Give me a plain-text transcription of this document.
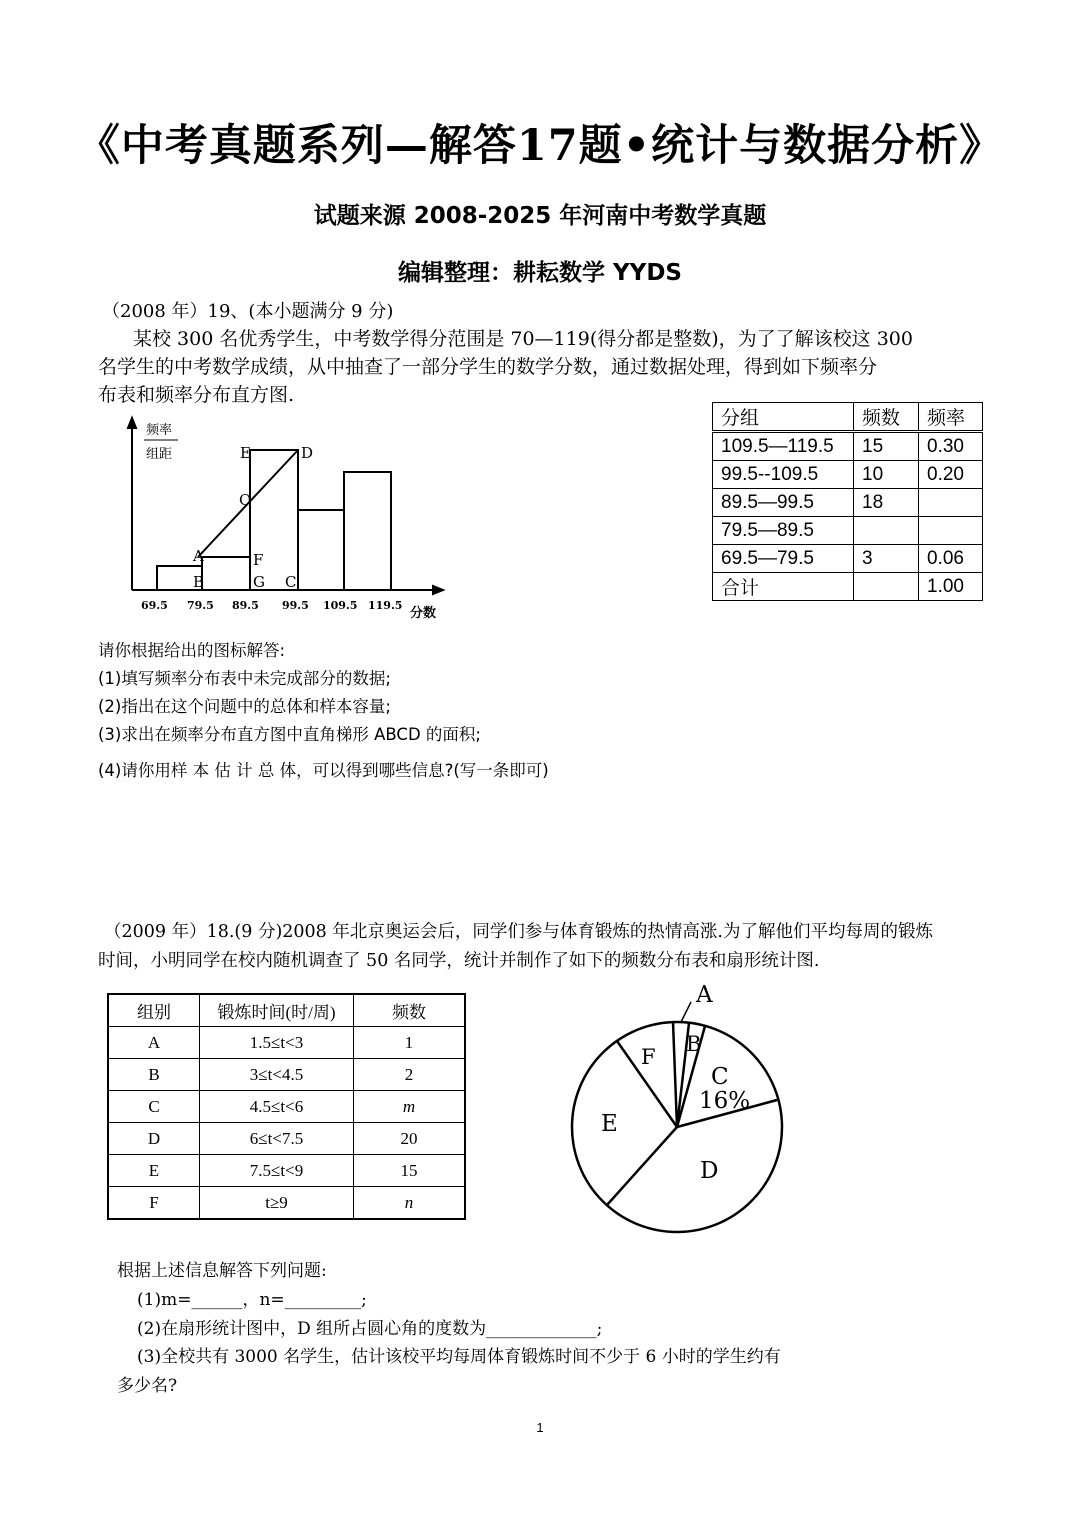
《中考真题系列—解答17题•统计与数据分析》
试题来源 2008-2025 年河南中考数学真题
编辑整理：耕耘数学 YYDS
（2008 年）19、(本小题满分 9 分)
某校 300 名优秀学生，中考数学得分范围是 70—119(得分都是整数)，为了了解该校这 300
名学生的中考数学成绩，从中抽查了一部分学生的数学分数，通过数据处理，得到如下频率分
布表和频率分布直方图.
分组	频数	频率
109.5—119.5	15	0.30
99.5--109.5	10	0.20
89.5—99.5	18	
79.5—89.5		
69.5—79.5	3	0.06
合计		1.00
频率
组距
A
B	C
D
E
F
G
O
69.5 79.5 89.5 99.5 109.5 119.5
分数
请你根据给出的图标解答:
(1)填写频率分布表中未完成部分的数据;
(2)指出在这个问题中的总体和样本容量;
(3)求出在频率分布直方图中直角梯形 ABCD 的面积;
(4)请你用样 本 估 计 总 体，可以得到哪些信息?(写一条即可)
（2009 年）18.(9 分)2008 年北京奥运会后，同学们参与体育锻炼的热情高涨.为了解他们平均每周的锻炼
时间，小明同学在校内随机调查了 50 名同学，统计并制作了如下的频数分布表和扇形统计图.
组别	锻炼时间(时/周)	频数
A	1.5≤t<3	1
B	3≤t<4.5	2
C	4.5≤t<6	m
D	6≤t<7.5	20
E	7.5≤t<9	15
F	t≥9	n
A
B
C
16%
D
E
F
根据上述信息解答下列问题:
(1)m=______，n=_________;
(2)在扇形统计图中，D 组所占圆心角的度数为_____________;
(3)全校共有 3000 名学生，估计该校平均每周体育锻炼时间不少于 6 小时的学生约有
多少名?
1
